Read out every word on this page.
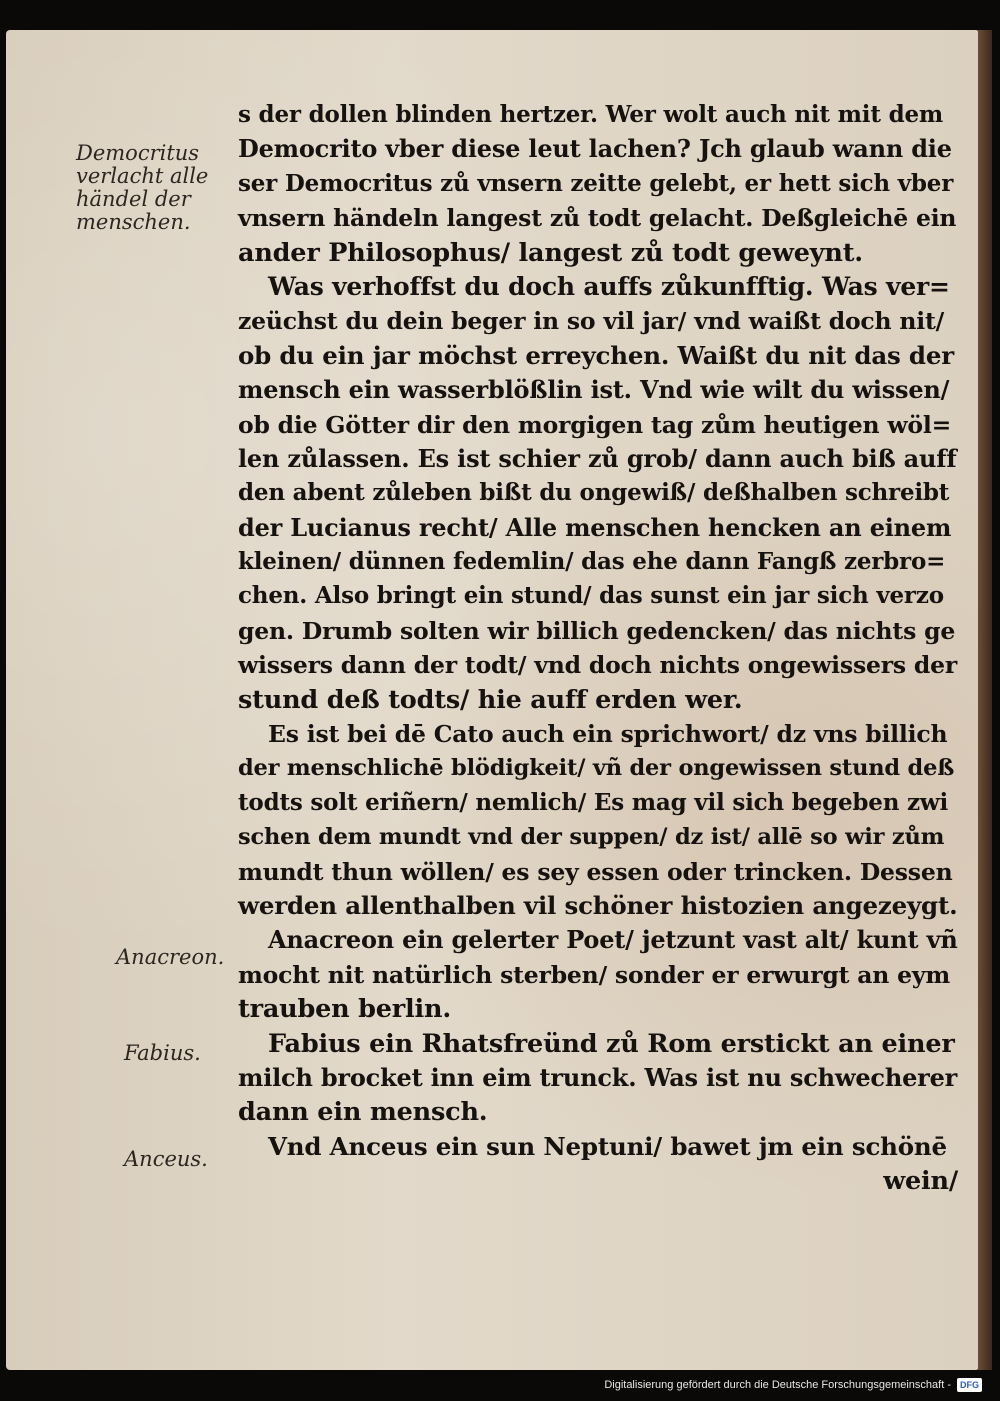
Democritus
verlacht alle
händel der
menschen.

Anacreon.

Fabius.

Anceus.

s der dollen blinden hertzer. Wer wolt auch nit mit dem
Democrito vber diese leut lachen? Jch glaub wann die
ser Democritus zů vnsern zeitte gelebt, er hett sich vber
vnsern händeln langest zů todt gelacht. Deßgleichē ein
ander Philosophus/ langest zů todt geweynt.
Was verhoffst du doch auffs zůkunfftig. Was ver=
zeüchst du dein beger in so vil jar/ vnd waißt doch nit/
ob du ein jar möchst erreychen. Waißt du nit das der
mensch ein wasserblößlin ist. Vnd wie wilt du wissen/
ob die Götter dir den morgigen tag zům heutigen wöl=
len zůlassen. Es ist schier zů grob/ dann auch biß auff
den abent zůleben bißt du ongewiß/ deßhalben schreibt
der Lucianus recht/ Alle menschen hencken an einem
kleinen/ dünnen fedemlin/ das ehe dann Fangß zerbro=
chen. Also bringt ein stund/ das sunst ein jar sich verzo
gen. Drumb solten wir billich gedencken/ das nichts ge
wissers dann der todt/ vnd doch nichts ongewissers der
stund deß todts/ hie auff erden wer.
Es ist bei dē Cato auch ein sprichwort/ dz vns billich
der menschlichē blödigkeit/ vñ der ongewissen stund deß
todts solt eriñern/ nemlich/ Es mag vil sich begeben zwi
schen dem mundt vnd der suppen/ dz ist/ allē so wir zům
mundt thun wöllen/ es sey essen oder trincken. Dessen
werden allenthalben vil schöner histozien angezeygt.
Anacreon ein gelerter Poet/ jetzunt vast alt/ kunt vñ
mocht nit natürlich sterben/ sonder er erwurgt an eym
trauben berlin.
Fabius ein Rhatsfreünd zů Rom erstickt an einer
milch brocket inn eim trunck. Was ist nu schwecherer
dann ein mensch.
Vnd Anceus ein sun Neptuni/ bawet jm ein schönē
wein/
Digitalisierung gefördert durch die Deutsche Forschungsgemeinschaft -	DFG
